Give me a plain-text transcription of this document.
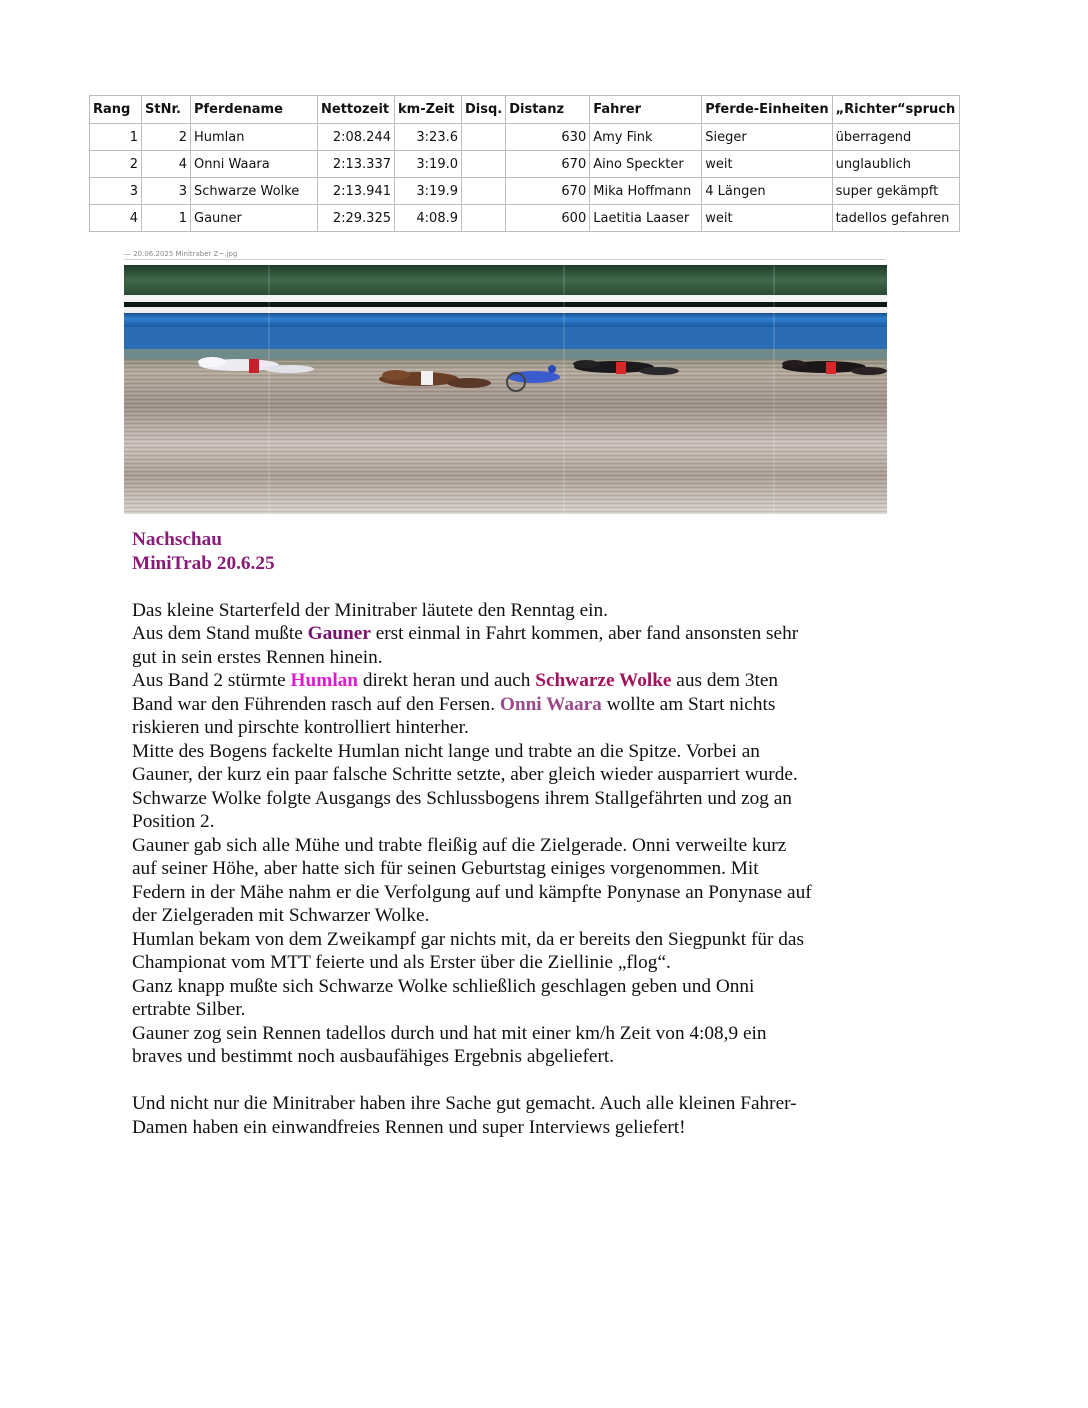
Rang	StNr.	Pferdename	Nettozeit	km-Zeit	Disq.	Distanz	Fahrer	Pferde-Einheiten	„Richter“spruch
1	2	Humlan	2:08.244	3:23.6		630	Amy Fink	Sieger	überragend
2	4	Onni Waara	2:13.337	3:19.0		670	Aino Speckter	weit	unglaublich
3	3	Schwarze Wolke	2:13.941	3:19.9		670	Mika Hoffmann	4 Längen	super gekämpft
4	1	Gauner	2:29.325	4:08.9		600	Laetitia Laaser	weit	tadellos gefahren
— 20.06.2025 Minitraber Z~.jpg
Nachschau
MiniTrab 20.6.25
Das kleine Starterfeld der Minitraber läutete den Renntag ein.
Aus dem Stand mußte Gauner erst einmal in Fahrt kommen, aber fand ansonsten sehr
gut in sein erstes Rennen hinein.
Aus Band 2 stürmte Humlan direkt heran und auch Schwarze Wolke aus dem 3ten
Band war den Führenden rasch auf den Fersen. Onni Waara wollte am Start nichts
riskieren und pirschte kontrolliert hinterher.
Mitte des Bogens fackelte Humlan nicht lange und trabte an die Spitze. Vorbei an
Gauner, der kurz ein paar falsche Schritte setzte, aber gleich wieder ausparriert wurde.
Schwarze Wolke folgte Ausgangs des Schlussbogens ihrem Stallgefährten und zog an
Position 2.
Gauner gab sich alle Mühe und trabte fleißig auf die Zielgerade. Onni verweilte kurz
auf seiner Höhe, aber hatte sich für seinen Geburtstag einiges vorgenommen. Mit
Federn in der Mähe nahm er die Verfolgung auf und kämpfte Ponynase an Ponynase auf
der Zielgeraden mit Schwarzer Wolke.
Humlan bekam von dem Zweikampf gar nichts mit, da er bereits den Siegpunkt für das
Championat vom MTT feierte und als Erster über die Ziellinie „flog“.
Ganz knapp mußte sich Schwarze Wolke schließlich geschlagen geben und Onni
ertrabte Silber.
Gauner zog sein Rennen tadellos durch und hat mit einer km/h Zeit von 4:08,9 ein
braves und bestimmt noch ausbaufähiges Ergebnis abgeliefert.
Und nicht nur die Minitraber haben ihre Sache gut gemacht. Auch alle kleinen Fahrer-
Damen haben ein einwandfreies Rennen und super Interviews geliefert!
